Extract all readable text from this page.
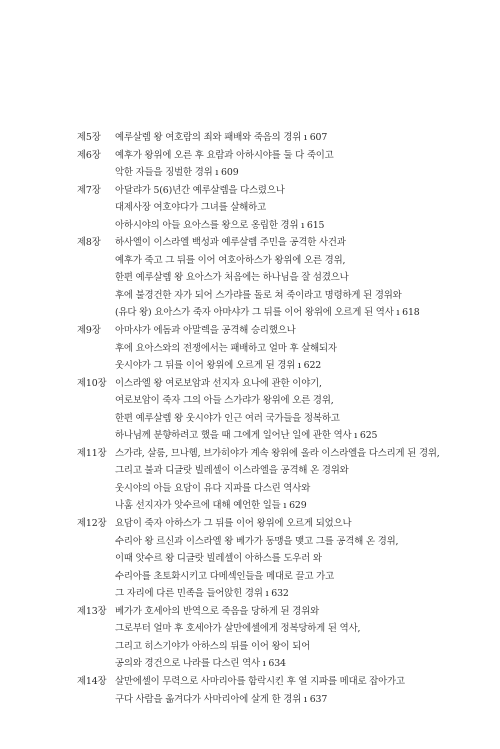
제5장	예루살렘 왕 여호람의 죄와 패배와 죽음의 경위 ı 607
제6장	예후가 왕위에 오른 후 요람과 아하시야를 둘 다 죽이고
악한 자들을 징벌한 경위 ı 609
제7장	아달랴가 5(6)년간 예루살렘을 다스렸으나
대제사장 여호야다가 그녀를 살해하고
아하시야의 아들 요아스를 왕으로 옹립한 경위 ı 615
제8장	하사엘이 이스라엘 백성과 예루살렘 주민을 공격한 사건과
예후가 죽고 그 뒤를 이어 여호아하스가 왕위에 오른 경위,
한편 예루살렘 왕 요아스가 처음에는 하나님을 잘 섬겼으나
후에 불경건한 자가 되어 스가랴를 돌로 쳐 죽이라고 명령하게 된 경위와
(유다 왕) 요아스가 죽자 아마샤가 그 뒤를 이어 왕위에 오르게 된 역사 ı 618
제9장	아마샤가 에돔과 아말렉을 공격해 승리했으나
후에 요아스와의 전쟁에서는 패배하고 얼마 후 살해되자
웃시야가 그 뒤를 이어 왕위에 오르게 된 경위 ı 622
제10장 이스라엘 왕 여로보암과 선지자 요나에 관한 이야기,
여로보암이 죽자 그의 아들 스가랴가 왕위에 오른 경위,
한편 예루살렘 왕 웃시야가 인근 여러 국가들을 정복하고
하나님께 분향하려고 했을 때 그에게 일어난 일에 관한 역사 ı 625
제11장 스가랴, 살룸, 므나헴, 브가히야가 계속 왕위에 올라 이스라엘을 다스리게 된 경위,
그리고 불과 디글랏 빌레셀이 이스라엘을 공격해 온 경위와
웃시야의 아들 요담이 유다 지파를 다스린 역사와
나훔 선지자가 앗수르에 대해 예언한 일들 ı 629
제12장 요담이 죽자 아하스가 그 뒤를 이어 왕위에 오르게 되었으나
수리아 왕 르신과 이스라엘 왕 베가가 동맹을 맺고 그를 공격해 온 경위,
이때 앗수르 왕 디글랏 빌레셀이 아하스를 도우러 와
수리아를 초토화시키고 다메섹인들을 메대로 끌고 가고
그 자리에 다른 민족을 들어앉힌 경위 ı 632
제13장 베가가 호세아의 반역으로 죽음을 당하게 된 경위와
그로부터 얼마 후 호세아가 살만에셀에게 정복당하게 된 역사,
그리고 히스기야가 아하스의 뒤를 이어 왕이 되어
공의와 경건으로 나라를 다스린 역사 ı 634
제14장 살만에셀이 무력으로 사마리아를 함락시킨 후 열 지파를 메대로 잡아가고
구다 사람을 옮겨다가 사마리아에 살게 한 경위 ı 637
